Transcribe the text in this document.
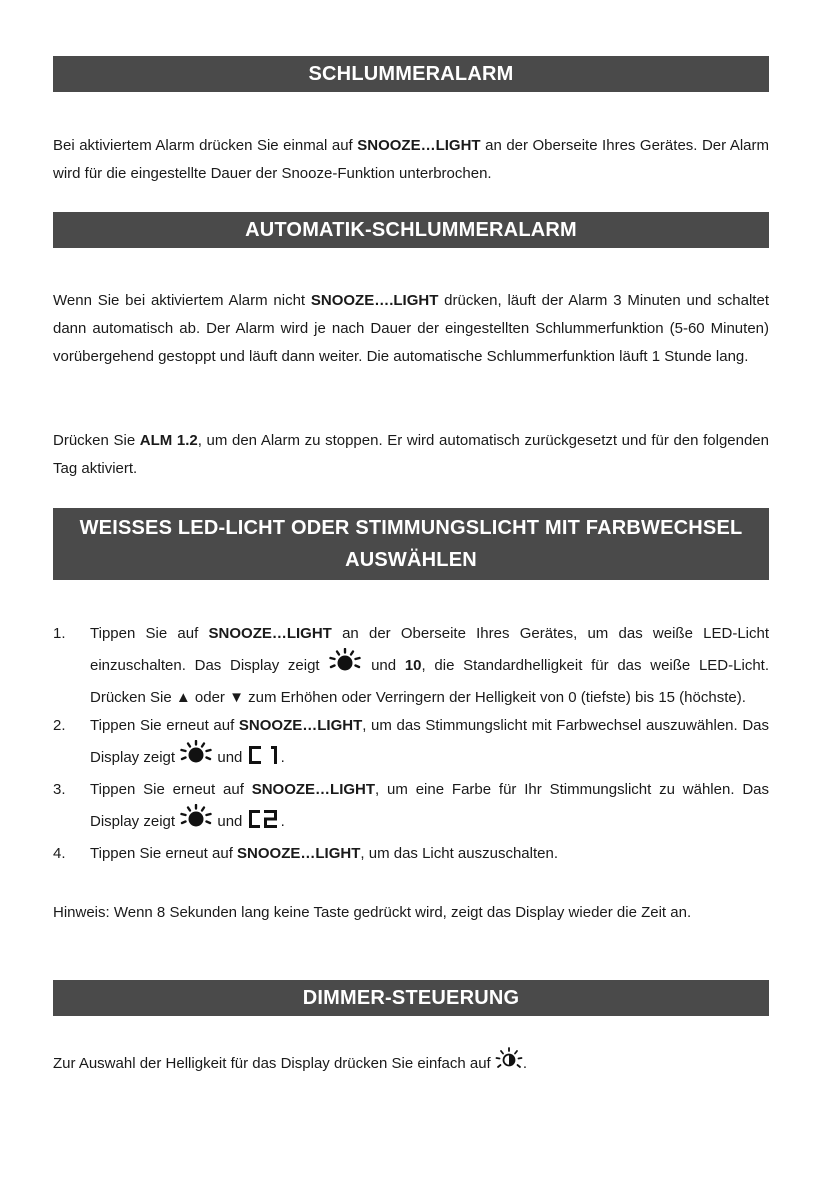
SCHLUMMERALARM
Bei aktiviertem Alarm drücken Sie einmal auf SNOOZE…LIGHT an der Oberseite Ihres Gerätes. Der Alarm wird für die eingestellte Dauer der Snooze-Funktion unterbrochen.
AUTOMATIK-SCHLUMMERALARM
Wenn Sie bei aktiviertem Alarm nicht SNOOZE….LIGHT drücken, läuft der Alarm 3 Minuten und schaltet dann automatisch ab. Der Alarm wird je nach Dauer der eingestellten Schlummerfunktion (5-60 Minuten) vorübergehend gestoppt und läuft dann weiter. Die automatische Schlummerfunktion läuft 1 Stunde lang.
Drücken Sie ALM 1.2, um den Alarm zu stoppen. Er wird automatisch zurückgesetzt und für den folgenden Tag aktiviert.
WEISSES LED-LICHT ODER STIMMUNGSLICHT MIT FARBWECHSEL
AUSWÄHLEN
1.	Tippen Sie auf SNOOZE…LIGHT an der Oberseite Ihres Gerätes, um das weiße LED-Licht einzuschalten. Das Display zeigt	und 10, die Standardhelligkeit für das weiße LED-Licht. Drücken Sie ▲ oder ▼ zum Erhöhen oder Verringern der Helligkeit von 0 (tiefste) bis 15 (höchste).
2.	Tippen Sie erneut auf SNOOZE…LIGHT, um das Stimmungslicht mit Farbwechsel auszuwählen. Das Display zeigt	und .
3.	Tippen Sie erneut auf SNOOZE…LIGHT, um eine Farbe für Ihr Stimmungslicht zu wählen. Das Display zeigt	und .
4.	Tippen Sie erneut auf SNOOZE…LIGHT, um das Licht auszuschalten.
Hinweis: Wenn 8 Sekunden lang keine Taste gedrückt wird, zeigt das Display wieder die Zeit an.
DIMMER-STEUERUNG
Zur Auswahl der Helligkeit für das Display drücken Sie einfach auf .
